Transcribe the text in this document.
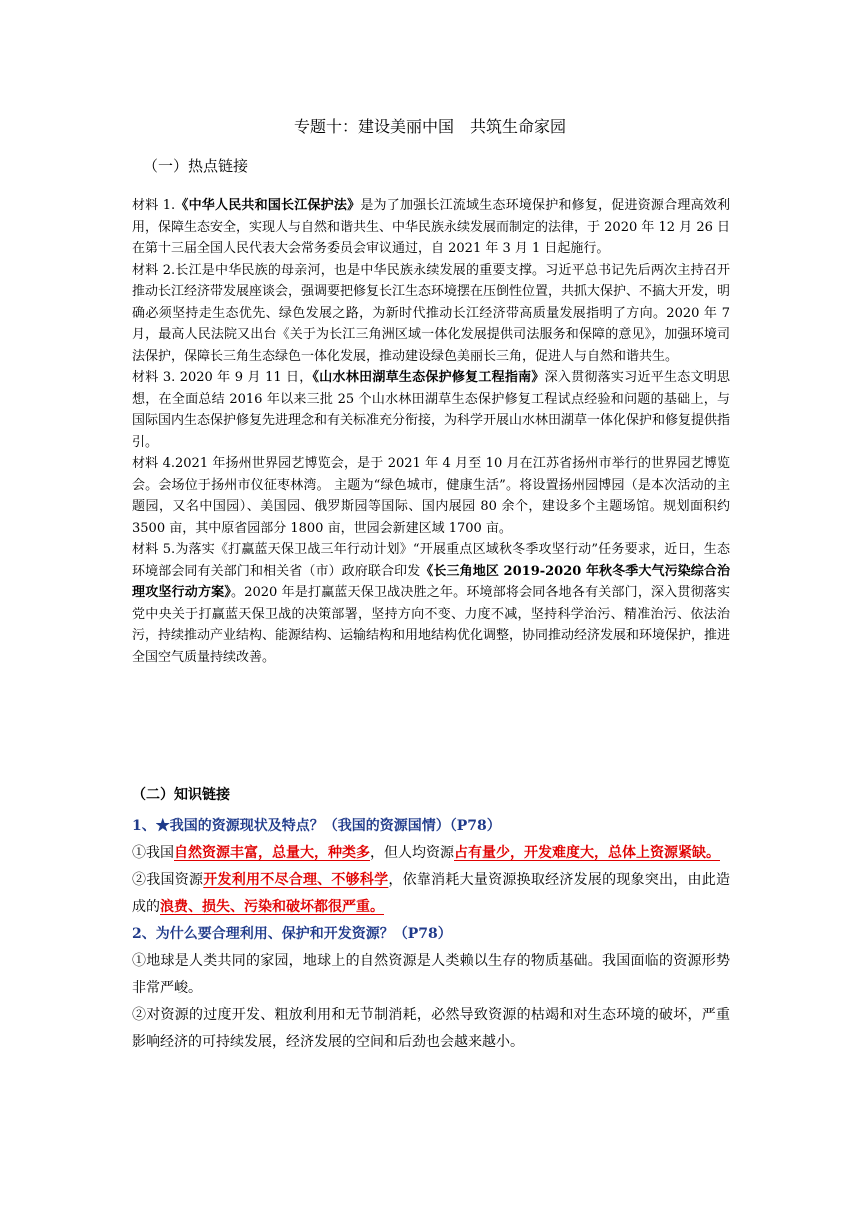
专题十：建设美丽中国　共筑生命家园
（一）热点链接

材料 1.《中华人民共和国长江保护法》是为了加强长江流域生态环境保护和修复，促进资源合理高效利用，保障生态安全，实现人与自然和谐共生、中华民族永续发展而制定的法律，于 2020 年 12 月 26 日在第十三届全国人民代表大会常务委员会审议通过，自 2021 年 3 月 1 日起施行。

材料 2.长江是中华民族的母亲河，也是中华民族永续发展的重要支撑。习近平总书记先后两次主持召开推动长江经济带发展座谈会，强调要把修复长江生态环境摆在压倒性位置，共抓大保护、不搞大开发，明确必须坚持走生态优先、绿色发展之路，为新时代推动长江经济带高质量发展指明了方向。2020 年 7 月，最高人民法院又出台《关于为长江三角洲区域一体化发展提供司法服务和保障的意见》，加强环境司法保护，保障长三角生态绿色一体化发展，推动建设绿色美丽长三角，促进人与自然和谐共生。

材料 3. 2020 年 9 月 11 日，《山水林田湖草生态保护修复工程指南》深入贯彻落实习近平生态文明思想，在全面总结 2016 年以来三批 25 个山水林田湖草生态保护修复工程试点经验和问题的基础上，与国际国内生态保护修复先进理念和有关标准充分衔接，为科学开展山水林田湖草一体化保护和修复提供指引。

材料 4.2021 年扬州世界园艺博览会，是于 2021 年 4 月至 10 月在江苏省扬州市举行的世界园艺博览会。会场位于扬州市仪征枣林湾。 主题为“绿色城市，健康生活”。将设置扬州园博园（是本次活动的主题园，又名中国园）、美国园、俄罗斯园等国际、国内展园 80 余个，建设多个主题场馆。规划面积约 3500 亩，其中原省园部分 1800 亩，世园会新建区域 1700 亩。

材料 5.为落实《打赢蓝天保卫战三年行动计划》“开展重点区域秋冬季攻坚行动”任务要求，近日，生态环境部会同有关部门和相关省（市）政府联合印发《长三角地区 2019-2020 年秋冬季大气污染综合治理攻坚行动方案》。2020 年是打赢蓝天保卫战决胜之年。环境部将会同各地各有关部门，深入贯彻落实党中央关于打赢蓝天保卫战的决策部署，坚持方向不变、力度不减，坚持科学治污、精准治污、依法治污，持续推动产业结构、能源结构、运输结构和用地结构优化调整，协同推动经济发展和环境保护，推进全国空气质量持续改善。

（二）知识链接

1、★我国的资源现状及特点？（我国的资源国情）（P78）

①我国自然资源丰富，总量大，种类多，但人均资源占有量少，开发难度大，总体上资源紧缺。

②我国资源开发利用不尽合理、不够科学，依靠消耗大量资源换取经济发展的现象突出，由此造成的浪费、损失、污染和破坏都很严重。

2、为什么要合理利用、保护和开发资源？（P78）

①地球是人类共同的家园，地球上的自然资源是人类赖以生存的物质基础。我国面临的资源形势非常严峻。

②对资源的过度开发、粗放利用和无节制消耗，必然导致资源的枯竭和对生态环境的破坏，严重影响经济的可持续发展，经济发展的空间和后劲也会越来越小。
